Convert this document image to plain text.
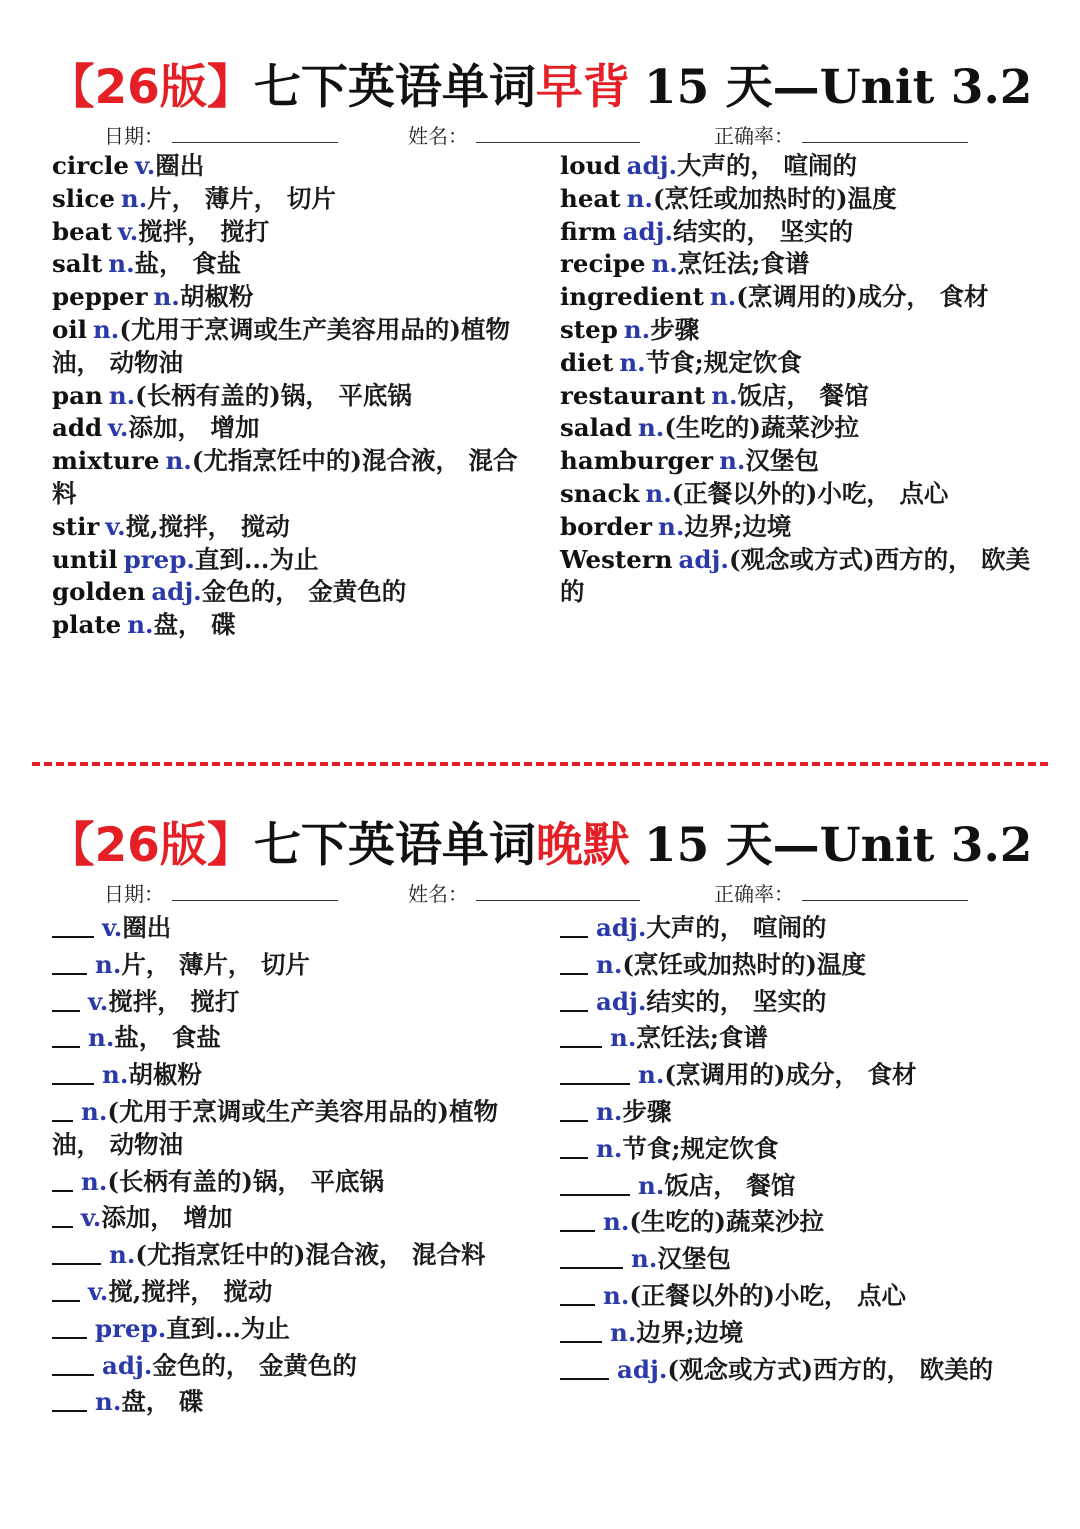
【26版】 七下英语单词 早背 15 天—Unit 3.2
日期：	姓名：	正确率：
circle v.圈出
slice n.片， 薄片， 切片
beat v.搅拌， 搅打
salt n.盐， 食盐
pepper n.胡椒粉
oil n.(尤用于烹调或生产美容用品的)植物油， 动物油
pan n.(长柄有盖的)锅， 平底锅
add v.添加， 增加
mixture n.(尤指烹饪中的)混合液， 混合料
stir v.搅,搅拌， 搅动
until prep.直到...为止
golden adj.金色的， 金黄色的
plate n.盘， 碟
loud adj.大声的， 喧闹的
heat n.(烹饪或加热时的)温度
firm adj.结实的， 坚实的
recipe n.烹饪法;食谱
ingredient n.(烹调用的)成分， 食材
step n.步骤
diet n.节食;规定饮食
restaurant n.饭店， 餐馆
salad n.(生吃的)蔬菜沙拉
hamburger n.汉堡包
snack n.(正餐以外的)小吃， 点心
border n.边界;边境
Western adj.(观念或方式)西方的， 欧美的
【26版】 七下英语单词 晚默 15 天—Unit 3.2
日期：	姓名：	正确率：
v.圈出
n.片， 薄片， 切片
v.搅拌， 搅打
n.盐， 食盐
n.胡椒粉
n.(尤用于烹调或生产美容用品的)植物油， 动物油
n.(长柄有盖的)锅， 平底锅
v.添加， 增加
n.(尤指烹饪中的)混合液， 混合料
v.搅,搅拌， 搅动
prep.直到...为止
adj.金色的， 金黄色的
n.盘， 碟
adj.大声的， 喧闹的
n.(烹饪或加热时的)温度
adj.结实的， 坚实的
n.烹饪法;食谱
n.(烹调用的)成分， 食材
n.步骤
n.节食;规定饮食
n.饭店， 餐馆
n.(生吃的)蔬菜沙拉
n.汉堡包
n.(正餐以外的)小吃， 点心
n.边界;边境
adj.(观念或方式)西方的， 欧美的
